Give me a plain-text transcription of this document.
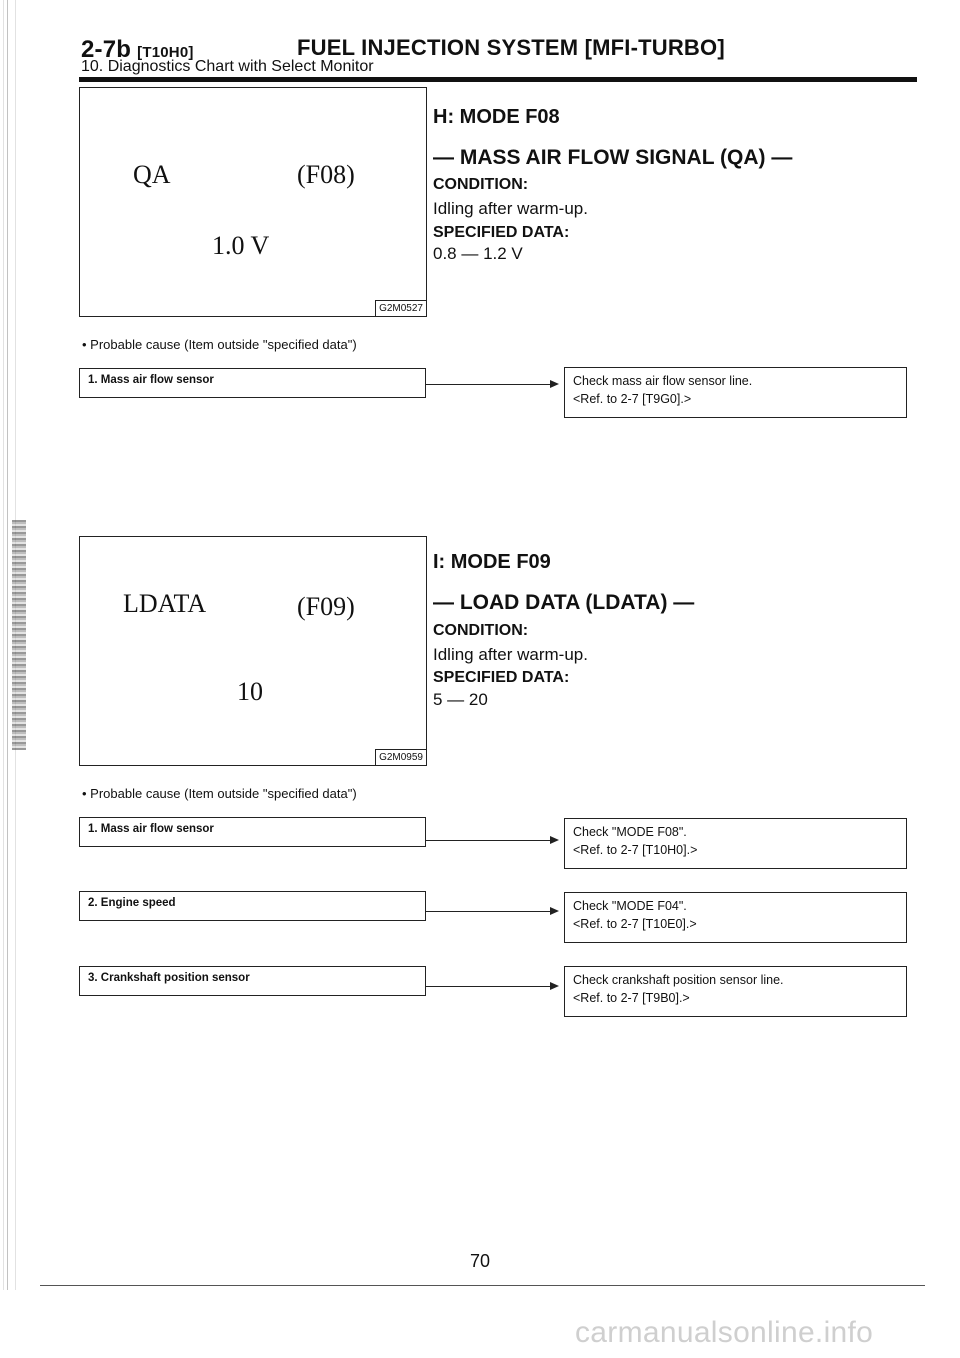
2-7b [T10H0]	FUEL INJECTION SYSTEM [MFI-TURBO]
10. Diagnostics Chart with Select Monitor
QA	(F08)
1.0 V
G2M0527
H: MODE F08
— MASS AIR FLOW SIGNAL (QA) —
CONDITION:
Idling after warm-up.
SPECIFIED DATA:
0.8 — 1.2 V
• Probable cause (Item outside "specified data")
1. Mass air flow sensor	Check mass air flow sensor line.
<Ref. to 2-7 [T9G0].>
LDATA	(F09)
10
G2M0959
I: MODE F09
— LOAD DATA (LDATA) —
CONDITION:
Idling after warm-up.
SPECIFIED DATA:
5 — 20
• Probable cause (Item outside "specified data")
1. Mass air flow sensor	Check "MODE F08".
<Ref. to 2-7 [T10H0].>
2. Engine speed	Check "MODE F04".
<Ref. to 2-7 [T10E0].>
3. Crankshaft position sensor	Check crankshaft position sensor line.
<Ref. to 2-7 [T9B0].>
70
carmanualsonline.info
